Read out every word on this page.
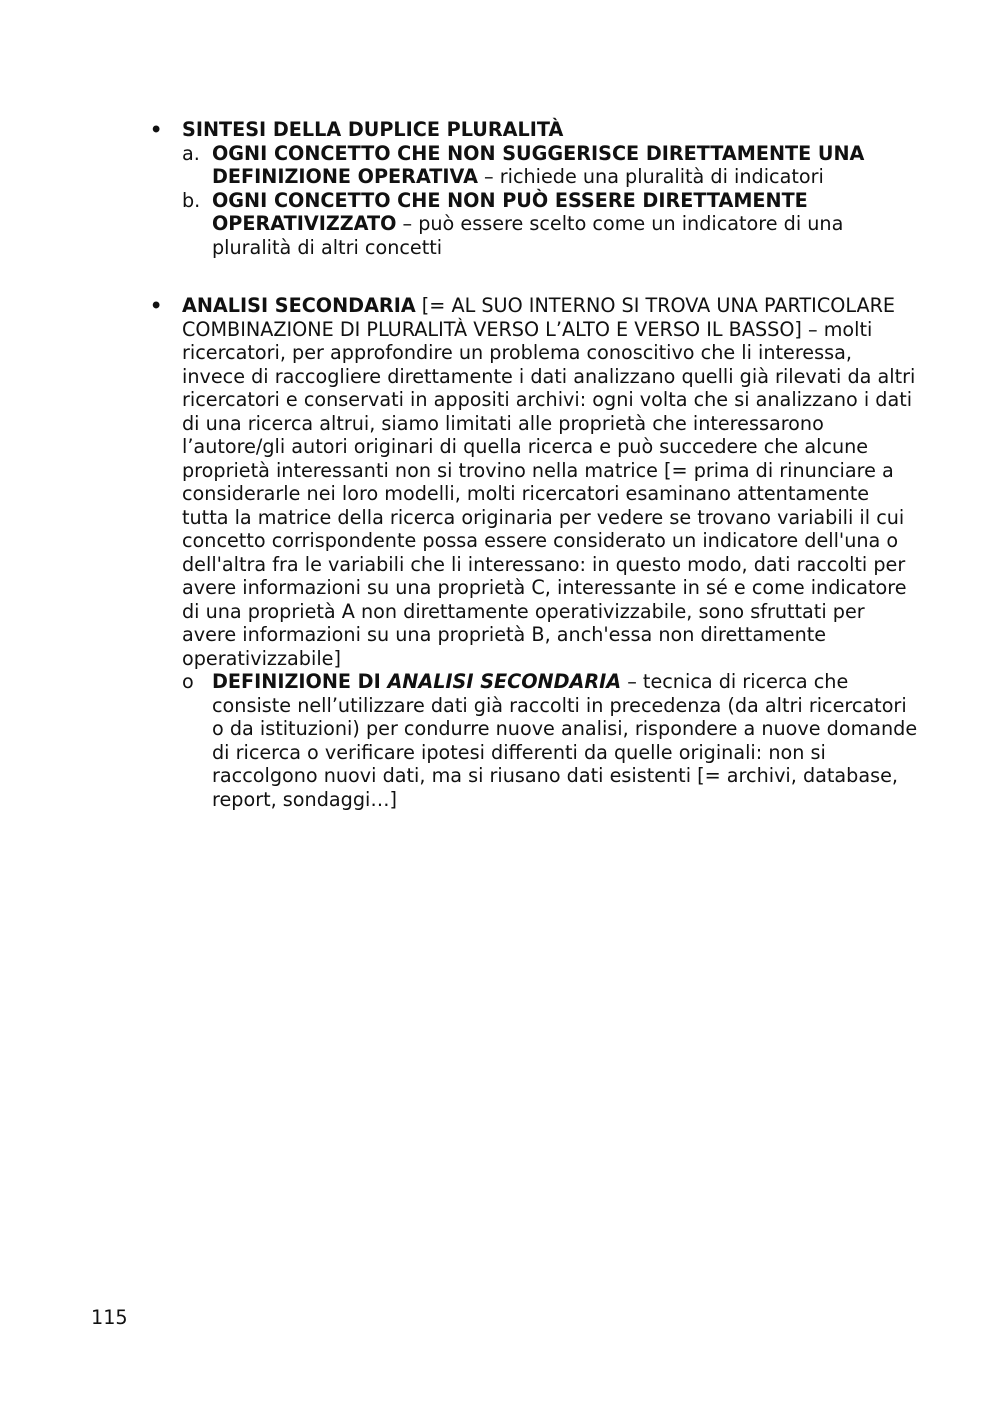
• SINTESI DELLA DUPLICE PLURALITÀ
a. OGNI CONCETTO CHE NON SUGGERISCE DIRETTAMENTE UNA DEFINIZIONE OPERATIVA – richiede una pluralità di indicatori
b. OGNI CONCETTO CHE NON PUÒ ESSERE DIRETTAMENTE OPERATIVIZZATO – può essere scelto come un indicatore di una pluralità di altri concetti
• ANALISI SECONDARIA [= AL SUO INTERNO SI TROVA UNA PARTICOLARE COMBINAZIONE DI PLURALITÀ VERSO L’ALTO E VERSO IL BASSO] – molti ricercatori, per approfondire un problema conoscitivo che li interessa, invece di raccogliere direttamente i dati analizzano quelli già rilevati da altri ricercatori e conservati in appositi archivi: ogni volta che si analizzano i dati di una ricerca altrui, siamo limitati alle proprietà che interessarono l’autore/gli autori originari di quella ricerca e può succedere che alcune proprietà interessanti non si trovino nella matrice [= prima di rinunciare a considerarle nei loro modelli, molti ricercatori esaminano attentamente tutta la matrice della ricerca originaria per vedere se trovano variabili il cui concetto corrispondente possa essere considerato un indicatore dell'una o dell'altra fra le variabili che li interessano: in questo modo, dati raccolti per avere informazioni su una proprietà C, interessante in sé e come indicatore di una proprietà A non direttamente operativizzabile, sono sfruttati per avere informazioni su una proprietà B, anch'essa non direttamente operativizzabile]
o DEFINIZIONE DI ANALISI SECONDARIA – tecnica di ricerca che consiste nell’utilizzare dati già raccolti in precedenza (da altri ricercatori o da istituzioni) per condurre nuove analisi, rispondere a nuove domande di ricerca o verificare ipotesi differenti da quelle originali: non si raccolgono nuovi dati, ma si riusano dati esistenti [= archivi, database, report, sondaggi…]
115
